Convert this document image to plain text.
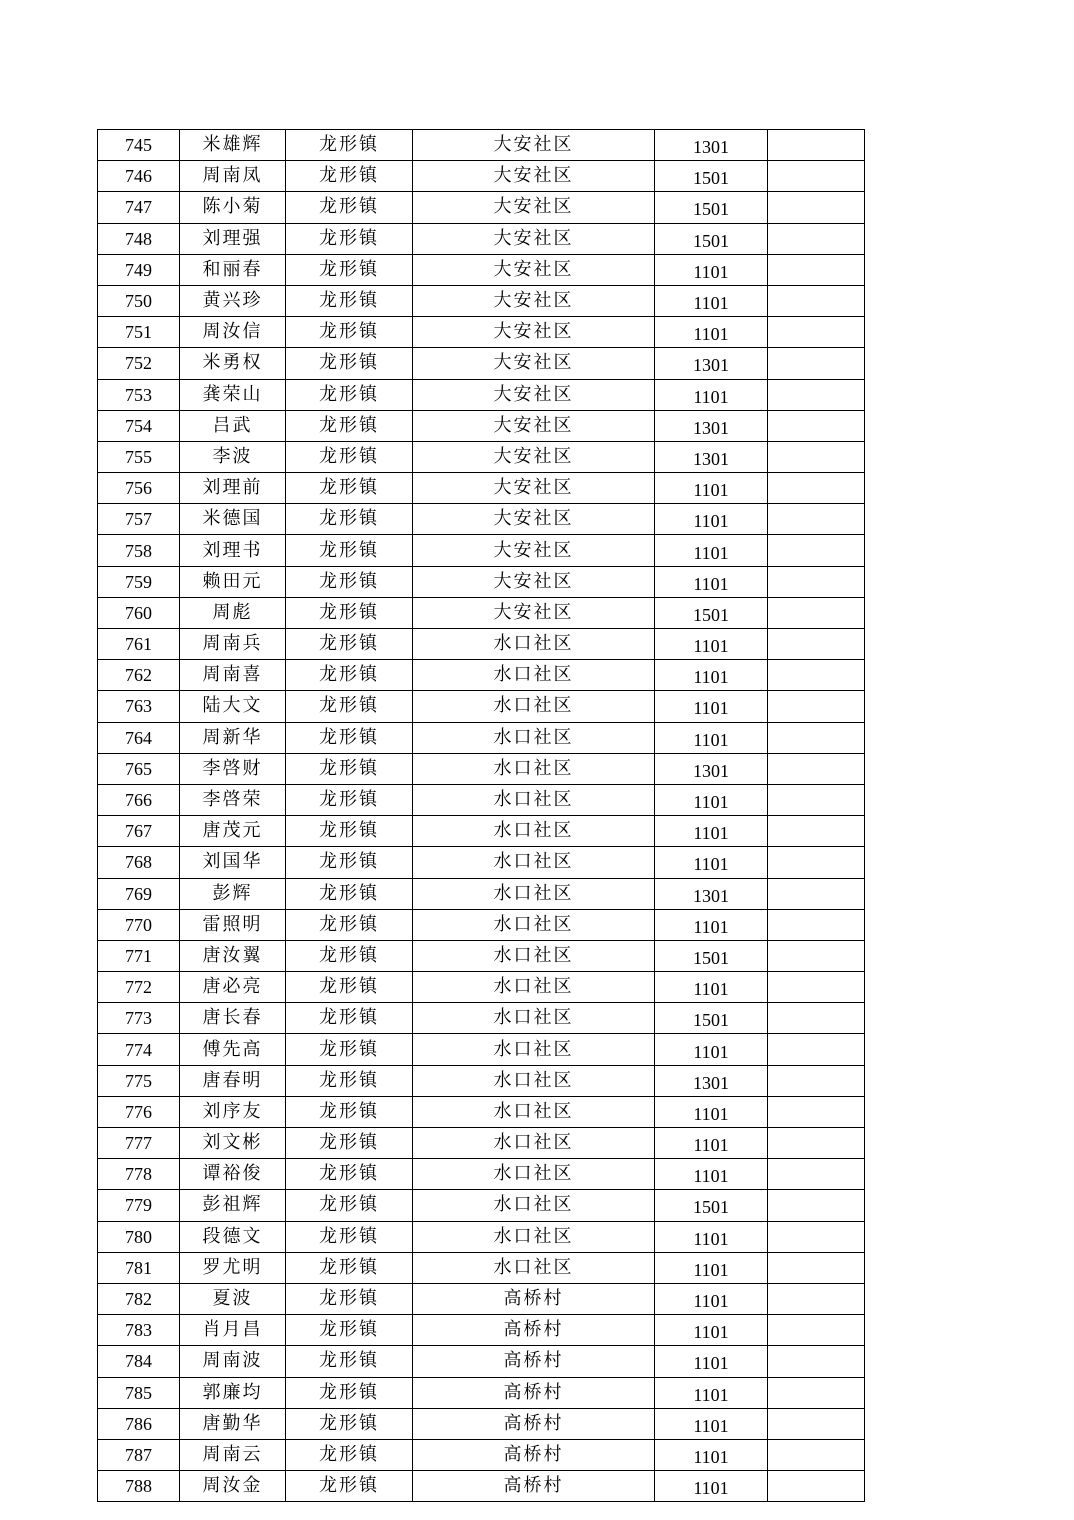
745	米雄辉	龙形镇	大安社区	1301	
746	周南凤	龙形镇	大安社区	1501	
747	陈小菊	龙形镇	大安社区	1501	
748	刘理强	龙形镇	大安社区	1501	
749	和丽春	龙形镇	大安社区	1101	
750	黄兴珍	龙形镇	大安社区	1101	
751	周汝信	龙形镇	大安社区	1101	
752	米勇权	龙形镇	大安社区	1301	
753	龚荣山	龙形镇	大安社区	1101	
754	吕武	龙形镇	大安社区	1301	
755	李波	龙形镇	大安社区	1301	
756	刘理前	龙形镇	大安社区	1101	
757	米德国	龙形镇	大安社区	1101	
758	刘理书	龙形镇	大安社区	1101	
759	赖田元	龙形镇	大安社区	1101	
760	周彪	龙形镇	大安社区	1501	
761	周南兵	龙形镇	水口社区	1101	
762	周南喜	龙形镇	水口社区	1101	
763	陆大文	龙形镇	水口社区	1101	
764	周新华	龙形镇	水口社区	1101	
765	李啓财	龙形镇	水口社区	1301	
766	李啓荣	龙形镇	水口社区	1101	
767	唐茂元	龙形镇	水口社区	1101	
768	刘国华	龙形镇	水口社区	1101	
769	彭辉	龙形镇	水口社区	1301	
770	雷照明	龙形镇	水口社区	1101	
771	唐汝翼	龙形镇	水口社区	1501	
772	唐必亮	龙形镇	水口社区	1101	
773	唐长春	龙形镇	水口社区	1501	
774	傅先高	龙形镇	水口社区	1101	
775	唐春明	龙形镇	水口社区	1301	
776	刘序友	龙形镇	水口社区	1101	
777	刘文彬	龙形镇	水口社区	1101	
778	谭裕俊	龙形镇	水口社区	1101	
779	彭祖辉	龙形镇	水口社区	1501	
780	段德文	龙形镇	水口社区	1101	
781	罗尤明	龙形镇	水口社区	1101	
782	夏波	龙形镇	高桥村	1101	
783	肖月昌	龙形镇	高桥村	1101	
784	周南波	龙形镇	高桥村	1101	
785	郭廉均	龙形镇	高桥村	1101	
786	唐勤华	龙形镇	高桥村	1101	
787	周南云	龙形镇	高桥村	1101	
788	周汝金	龙形镇	高桥村	1101	
